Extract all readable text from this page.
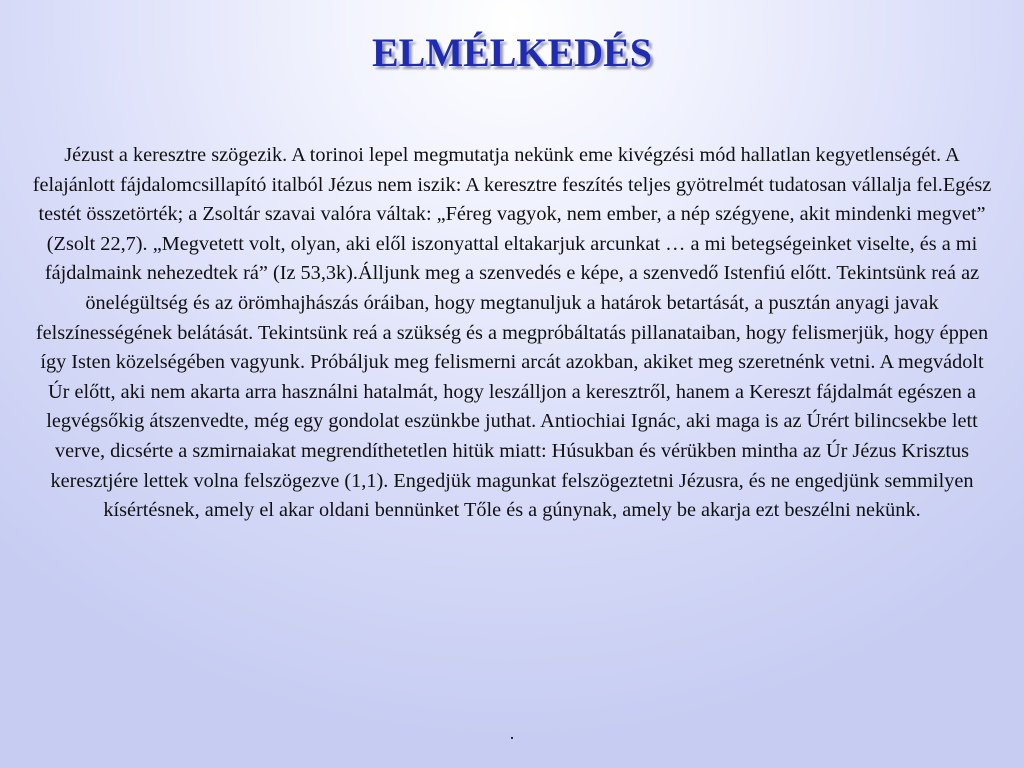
ELMÉLKEDÉS

Jézust a keresztre szögezik. A torinoi lepel megmutatja nekünk eme kivégzési mód hallatlan kegyetlenségét. A felajánlott fájdalomcsillapító italból Jézus nem iszik: A keresztre feszítés teljes gyötrelmét tudatosan vállalja fel.Egész testét összetörték; a Zsoltár szavai valóra váltak: „Féreg vagyok, nem ember, a nép szégyene, akit mindenki megvet” (Zsolt 22,7). „Megvetett volt, olyan, aki elől iszonyattal eltakarjuk arcunkat … a mi betegségeinket viselte, és a mi fájdalmaink nehezedtek rá” (Iz 53,3k).Álljunk meg a szenvedés e képe, a szenvedő Istenfiú előtt. Tekintsünk reá az önelégültség és az örömhajhászás óráiban, hogy megtanuljuk a határok betartását, a pusztán anyagi javak felszínességének belátását. Tekintsünk reá a szükség és a megpróbáltatás pillanataiban, hogy felismerjük, hogy éppen így Isten közelségében vagyunk. Próbáljuk meg felismerni arcát azokban, akiket meg szeretnénk vetni. A megvádolt Úr előtt, aki nem akarta arra használni hatalmát, hogy leszálljon a keresztről, hanem a Kereszt fájdalmát egészen a legvégsőkig átszenvedte, még egy gondolat eszünkbe juthat. Antiochiai Ignác, aki maga is az Úrért bilincsekbe lett verve, dicsérte a szmirnaiakat megrendíthetetlen hitük miatt: Húsukban és vérükben mintha az Úr Jézus Krisztus keresztjére lettek volna felszögezve (1,1). Engedjük magunkat felszögeztetni Jézusra, és ne engedjünk semmilyen kísértésnek, amely el akar oldani bennünket Tőle és a gúnynak, amely be akarja ezt beszélni nekünk.

.
